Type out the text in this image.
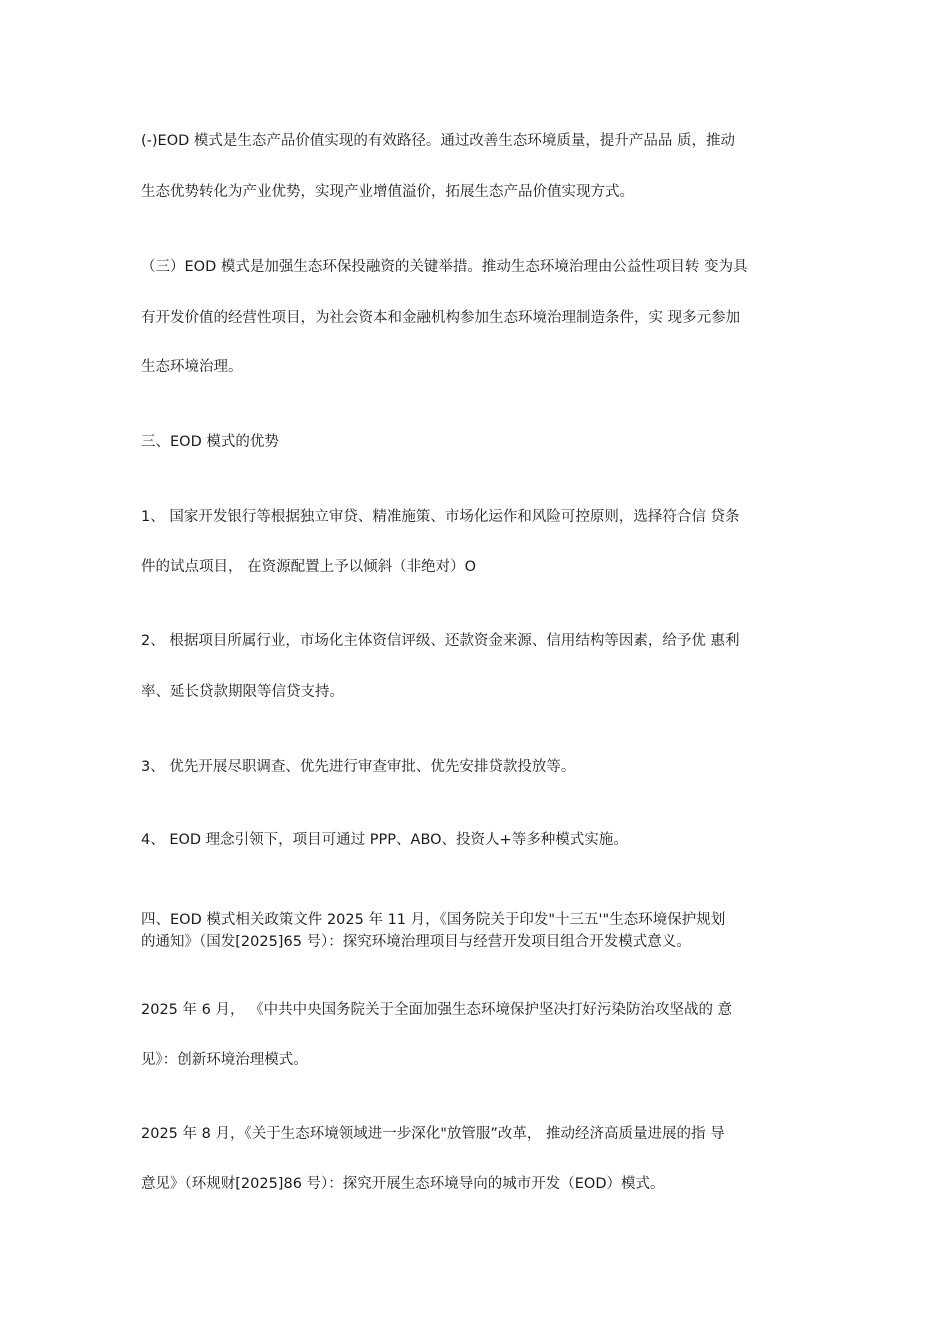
(-)EOD 模式是生态产品价值实现的有效路径。通过改善生态环境质量，提升产品品 质，推动
生态优势转化为产业优势，实现产业增值溢价，拓展生态产品价值实现方式。
（三）EOD 模式是加强生态环保投融资的关键举措。推动生态环境治理由公益性项目转 变为具
有开发价值的经营性项目，为社会资本和金融机构参加生态环境治理制造条件，实 现多元参加
生态环境治理。
三、EOD 模式的优势
1、 国家开发银行等根据独立审贷、精准施策、市场化运作和风险可控原则，选择符合信 贷条
件的试点项目， 在资源配置上予以倾斜（非绝对）O
2、 根据项目所属行业，市场化主体资信评级、还款资金来源、信用结构等因素，给予优 惠利
率、延长贷款期限等信贷支持。
3、 优先开展尽职调查、优先进行审查审批、优先安排贷款投放等。
4、 EOD 理念引领下，项目可通过 PPP、ABO、投资人+等多种模式实施。
四、EOD 模式相关政策文件 2025 年 11 月，《国务院关于印发"十三五'"生态环境保护规划
的通知》（国发[2025]65 号）：探究环境治理项目与经营开发项目组合开发模式意义。
2025 年 6 月， 《中共中央国务院关于全面加强生态环境保护坚决打好污染防治攻坚战的 意
见》：创新环境治理模式。
2025 年 8 月，《关于生态环境领域进一步深化"放管服”改革， 推动经济高质量进展的指 导
意见》（环规财[2025]86 号）：探究开展生态环境导向的城市开发（EOD）模式。
